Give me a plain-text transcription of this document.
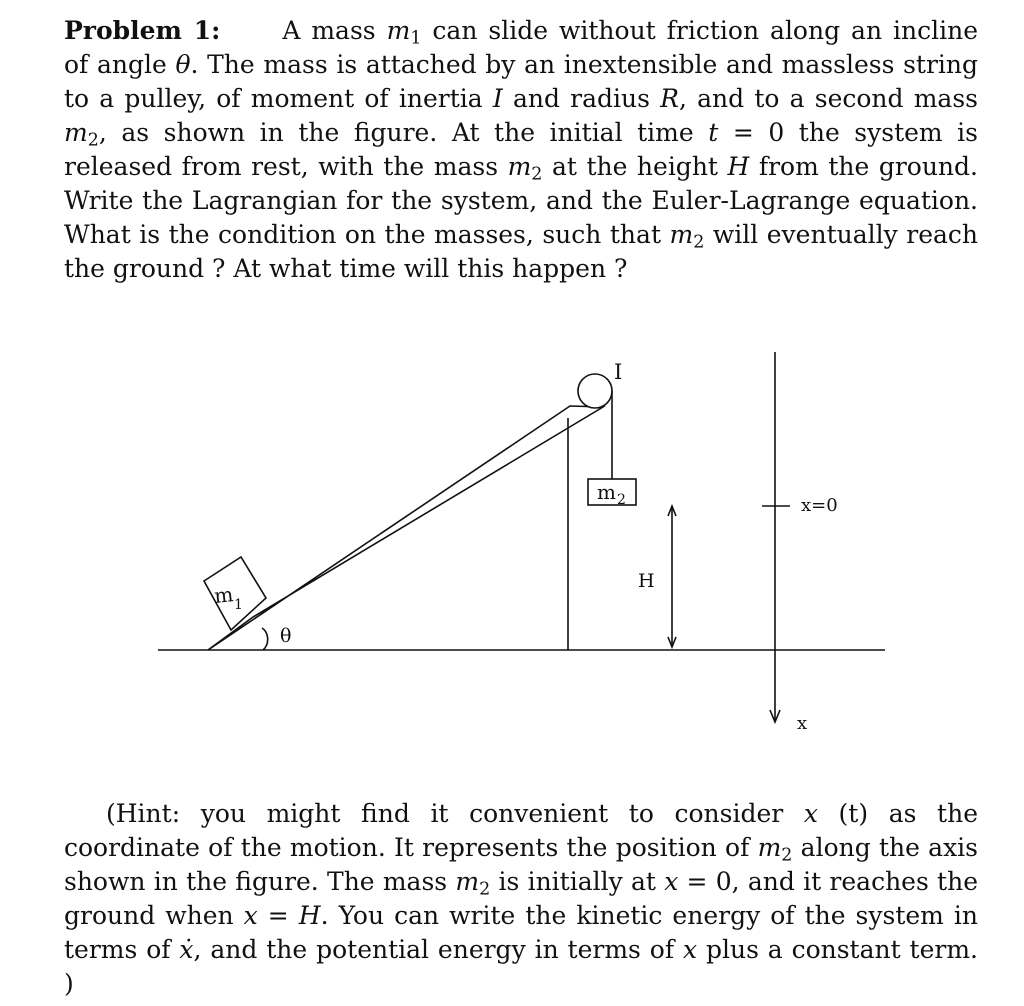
Problem 1: A mass $m_1$ can slide without friction along an incline of angle θ. The mass is attached by an inextensible and massless string to a pulley, of moment of inertia I and radius R, and to a second mass $m_2$, as shown in the figure. At the initial time t = 0 the system is released from rest, with the mass $m_2$ at the height H from the ground. Write the Lagrangian for the system, and the Euler-Lagrange equation. What is the condition on the masses, such that $m_2$ will eventually reach the ground ? At what time will this happen ?

I
m 2
m 1
θ
H
x=0
x

(Hint: you might find it convenient to consider x (t) as the coordinate of the motion. It represents the position of $m_2$ along the axis shown in the figure. The mass $m_2$ is initially at x = 0, and it reaches the ground when x = H. You can write the kinetic energy of the system in terms of ẋ, and the potential energy in terms of x plus a constant term. )
